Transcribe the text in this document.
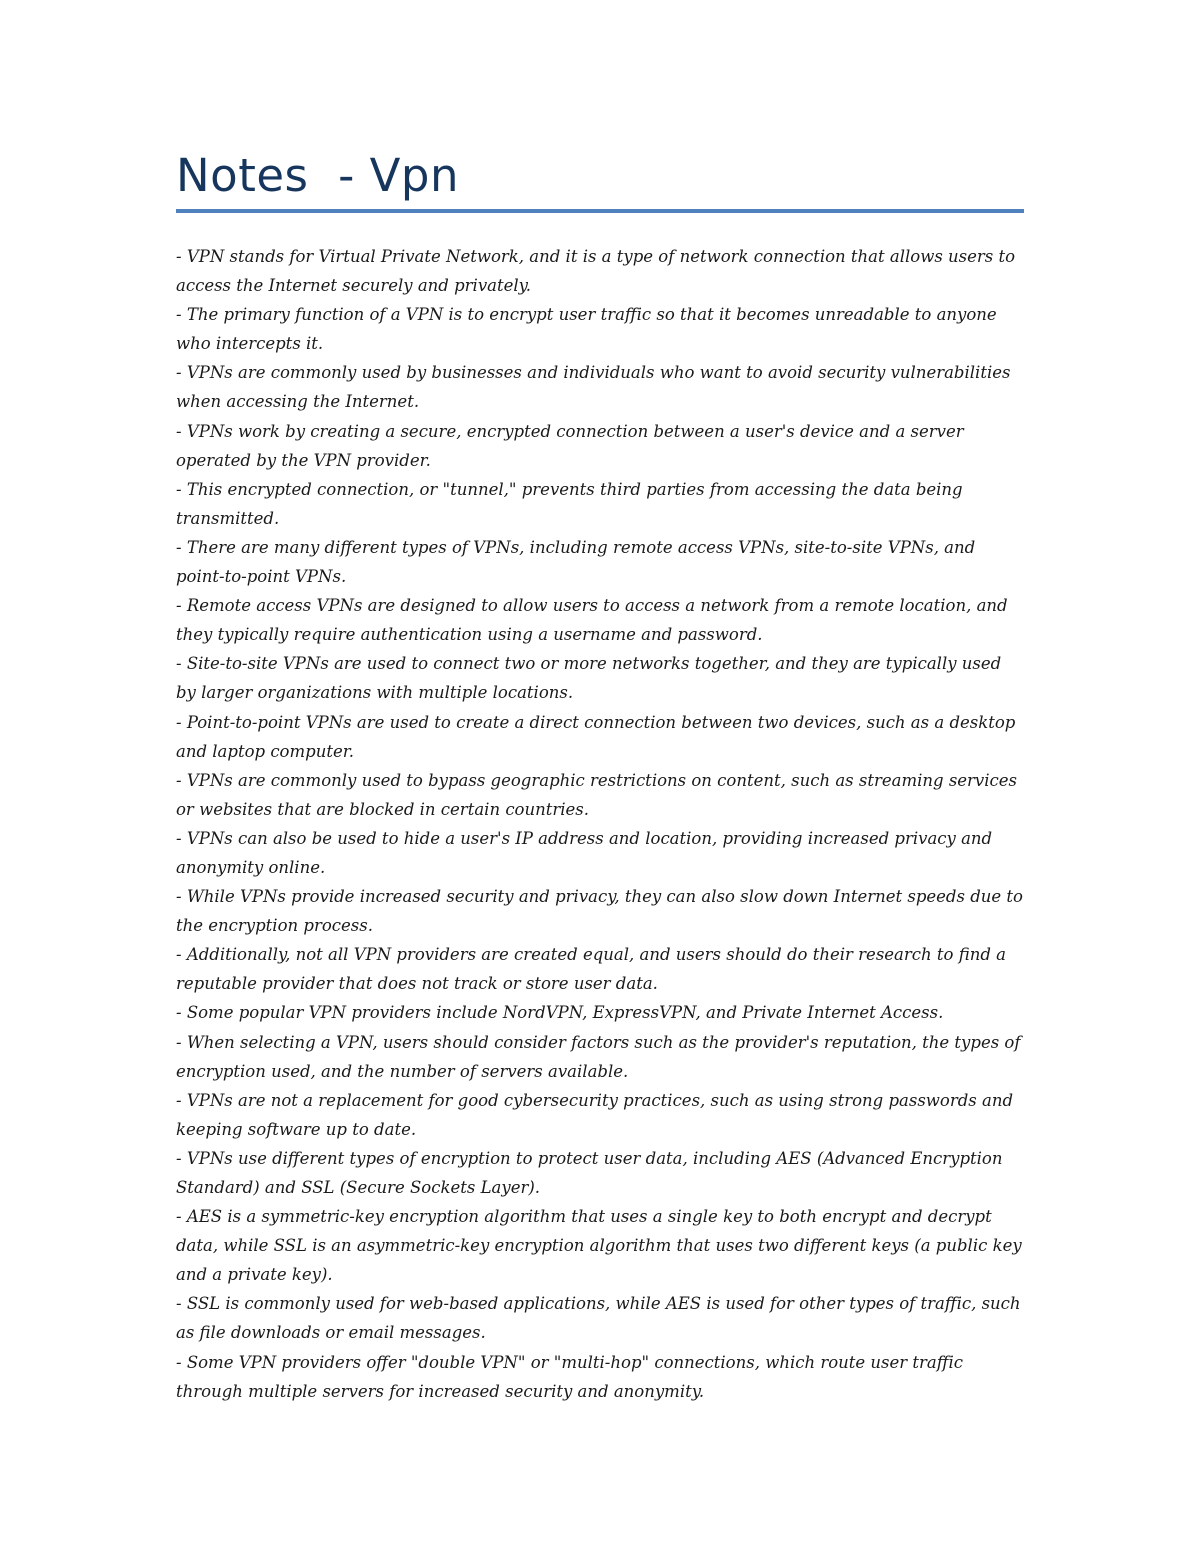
Notes  - Vpn
- VPN stands for Virtual Private Network, and it is a type of network connection that allows users to access the Internet securely and privately.
- The primary function of a VPN is to encrypt user traffic so that it becomes unreadable to anyone who intercepts it.
- VPNs are commonly used by businesses and individuals who want to avoid security vulnerabilities when accessing the Internet.
- VPNs work by creating a secure, encrypted connection between a user's device and a server operated by the VPN provider.
- This encrypted connection, or "tunnel," prevents third parties from accessing the data being transmitted.
- There are many different types of VPNs, including remote access VPNs, site-to-site VPNs, and point-to-point VPNs.
- Remote access VPNs are designed to allow users to access a network from a remote location, and they typically require authentication using a username and password.
- Site-to-site VPNs are used to connect two or more networks together, and they are typically used by larger organizations with multiple locations.
- Point-to-point VPNs are used to create a direct connection between two devices, such as a desktop and laptop computer.
- VPNs are commonly used to bypass geographic restrictions on content, such as streaming services or websites that are blocked in certain countries.
- VPNs can also be used to hide a user's IP address and location, providing increased privacy and anonymity online.
- While VPNs provide increased security and privacy, they can also slow down Internet speeds due to the encryption process.
- Additionally, not all VPN providers are created equal, and users should do their research to find a reputable provider that does not track or store user data.
- Some popular VPN providers include NordVPN, ExpressVPN, and Private Internet Access.
- When selecting a VPN, users should consider factors such as the provider's reputation, the types of encryption used, and the number of servers available.
- VPNs are not a replacement for good cybersecurity practices, such as using strong passwords and keeping software up to date.
- VPNs use different types of encryption to protect user data, including AES (Advanced Encryption Standard) and SSL (Secure Sockets Layer).
- AES is a symmetric-key encryption algorithm that uses a single key to both encrypt and decrypt data, while SSL is an asymmetric-key encryption algorithm that uses two different keys (a public key and a private key).
- SSL is commonly used for web-based applications, while AES is used for other types of traffic, such as file downloads or email messages.
- Some VPN providers offer "double VPN" or "multi-hop" connections, which route user traffic through multiple servers for increased security and anonymity.
